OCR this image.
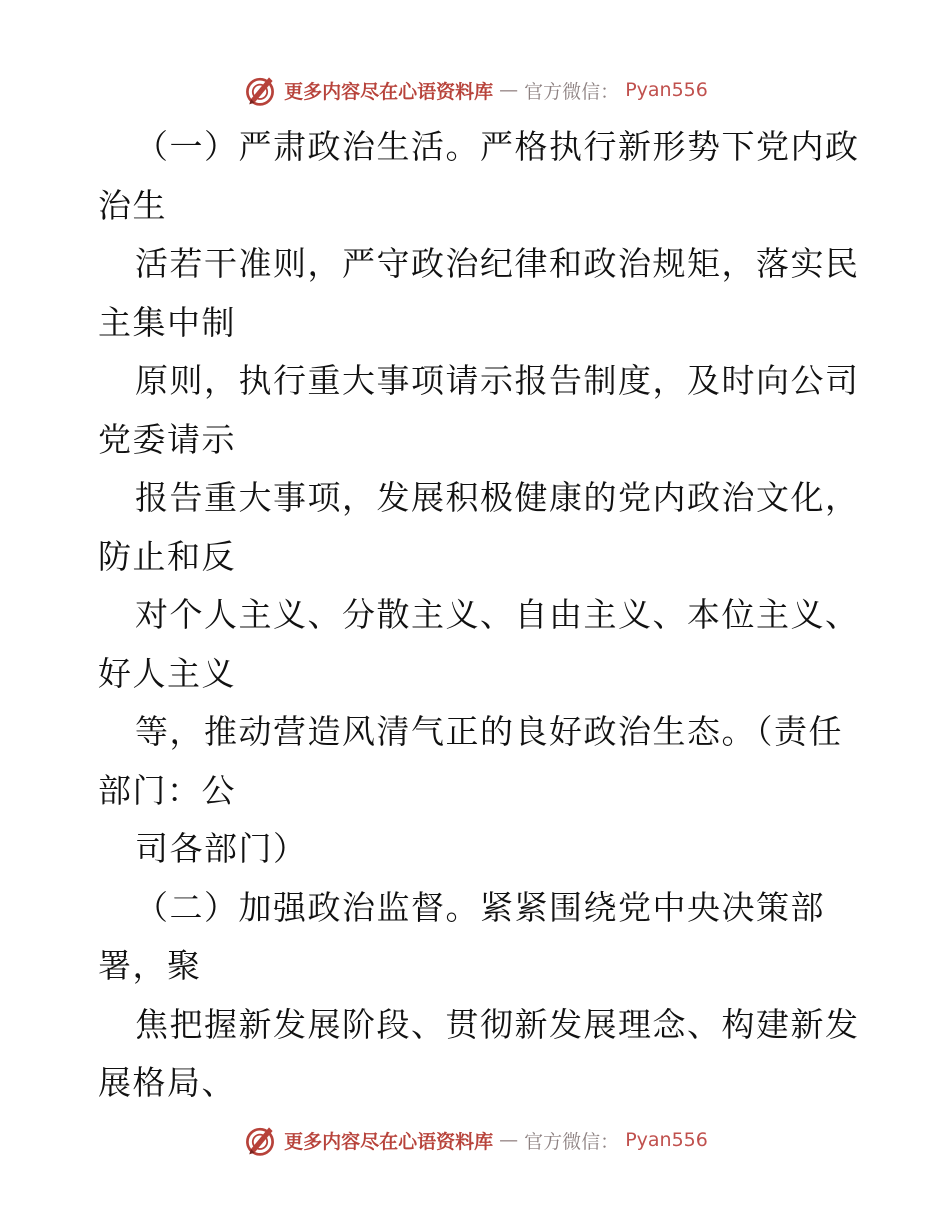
更多内容尽在心语资料库 — 官方微信： Pyan556
（一）严肃政治生活。严格执行新形势下党内政
治生
活若干准则，严守政治纪律和政治规矩，落实民
主集中制
原则，执行重大事项请示报告制度，及时向公司
党委请示
报告重大事项，发展积极健康的党内政治文化，
防止和反
对个人主义、分散主义、自由主义、本位主义、
好人主义
等，推动营造风清气正的良好政治生态。（责任
部门：公
司各部门）
（二）加强政治监督。紧紧围绕党中央决策部
署，聚
焦把握新发展阶段、贯彻新发展理念、构建新发
展格局、
更多内容尽在心语资料库 — 官方微信： Pyan556
